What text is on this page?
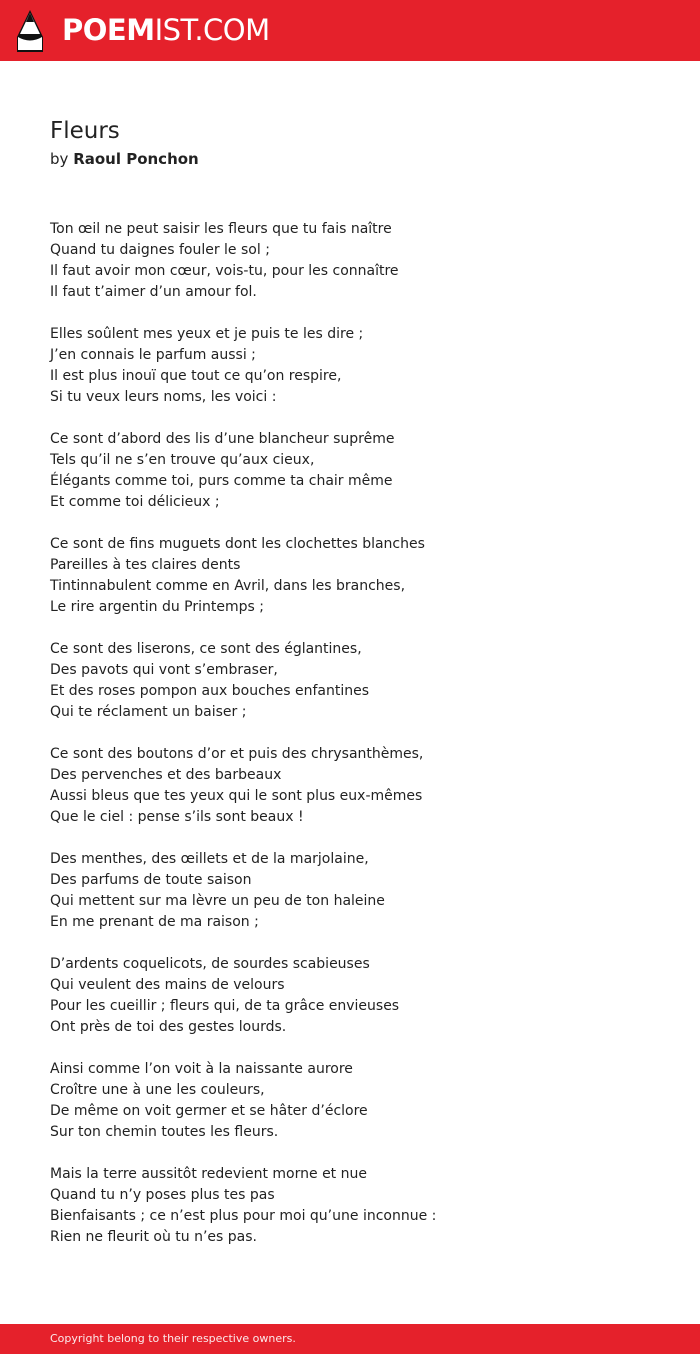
POEMIST.COM
Fleurs
by Raoul Ponchon
Ton œil ne peut saisir les fleurs que tu fais naître
Quand tu daignes fouler le sol ;
Il faut avoir mon cœur, vois-tu, pour les connaître
Il faut t’aimer d’un amour fol.
Elles soûlent mes yeux et je puis te les dire ;
J’en connais le parfum aussi ;
Il est plus inouï que tout ce qu’on respire,
Si tu veux leurs noms, les voici :
Ce sont d’abord des lis d’une blancheur suprême
Tels qu’il ne s’en trouve qu’aux cieux,
Élégants comme toi, purs comme ta chair même
Et comme toi délicieux ;
Ce sont de fins muguets dont les clochettes blanches
Pareilles à tes claires dents
Tintinnabulent comme en Avril, dans les branches,
Le rire argentin du Printemps ;
Ce sont des liserons, ce sont des églantines,
Des pavots qui vont s’embraser,
Et des roses pompon aux bouches enfantines
Qui te réclament un baiser ;
Ce sont des boutons d’or et puis des chrysanthèmes,
Des pervenches et des barbeaux
Aussi bleus que tes yeux qui le sont plus eux-mêmes
Que le ciel : pense s’ils sont beaux !
Des menthes, des œillets et de la marjolaine,
Des parfums de toute saison
Qui mettent sur ma lèvre un peu de ton haleine
En me prenant de ma raison ;
D’ardents coquelicots, de sourdes scabieuses
Qui veulent des mains de velours
Pour les cueillir ; fleurs qui, de ta grâce envieuses
Ont près de toi des gestes lourds.
Ainsi comme l’on voit à la naissante aurore
Croître une à une les couleurs,
De même on voit germer et se hâter d’éclore
Sur ton chemin toutes les fleurs.
Mais la terre aussitôt redevient morne et nue
Quand tu n’y poses plus tes pas
Bienfaisants ; ce n’est plus pour moi qu’une inconnue :
Rien ne fleurit où tu n’es pas.
Copyright belong to their respective owners.
